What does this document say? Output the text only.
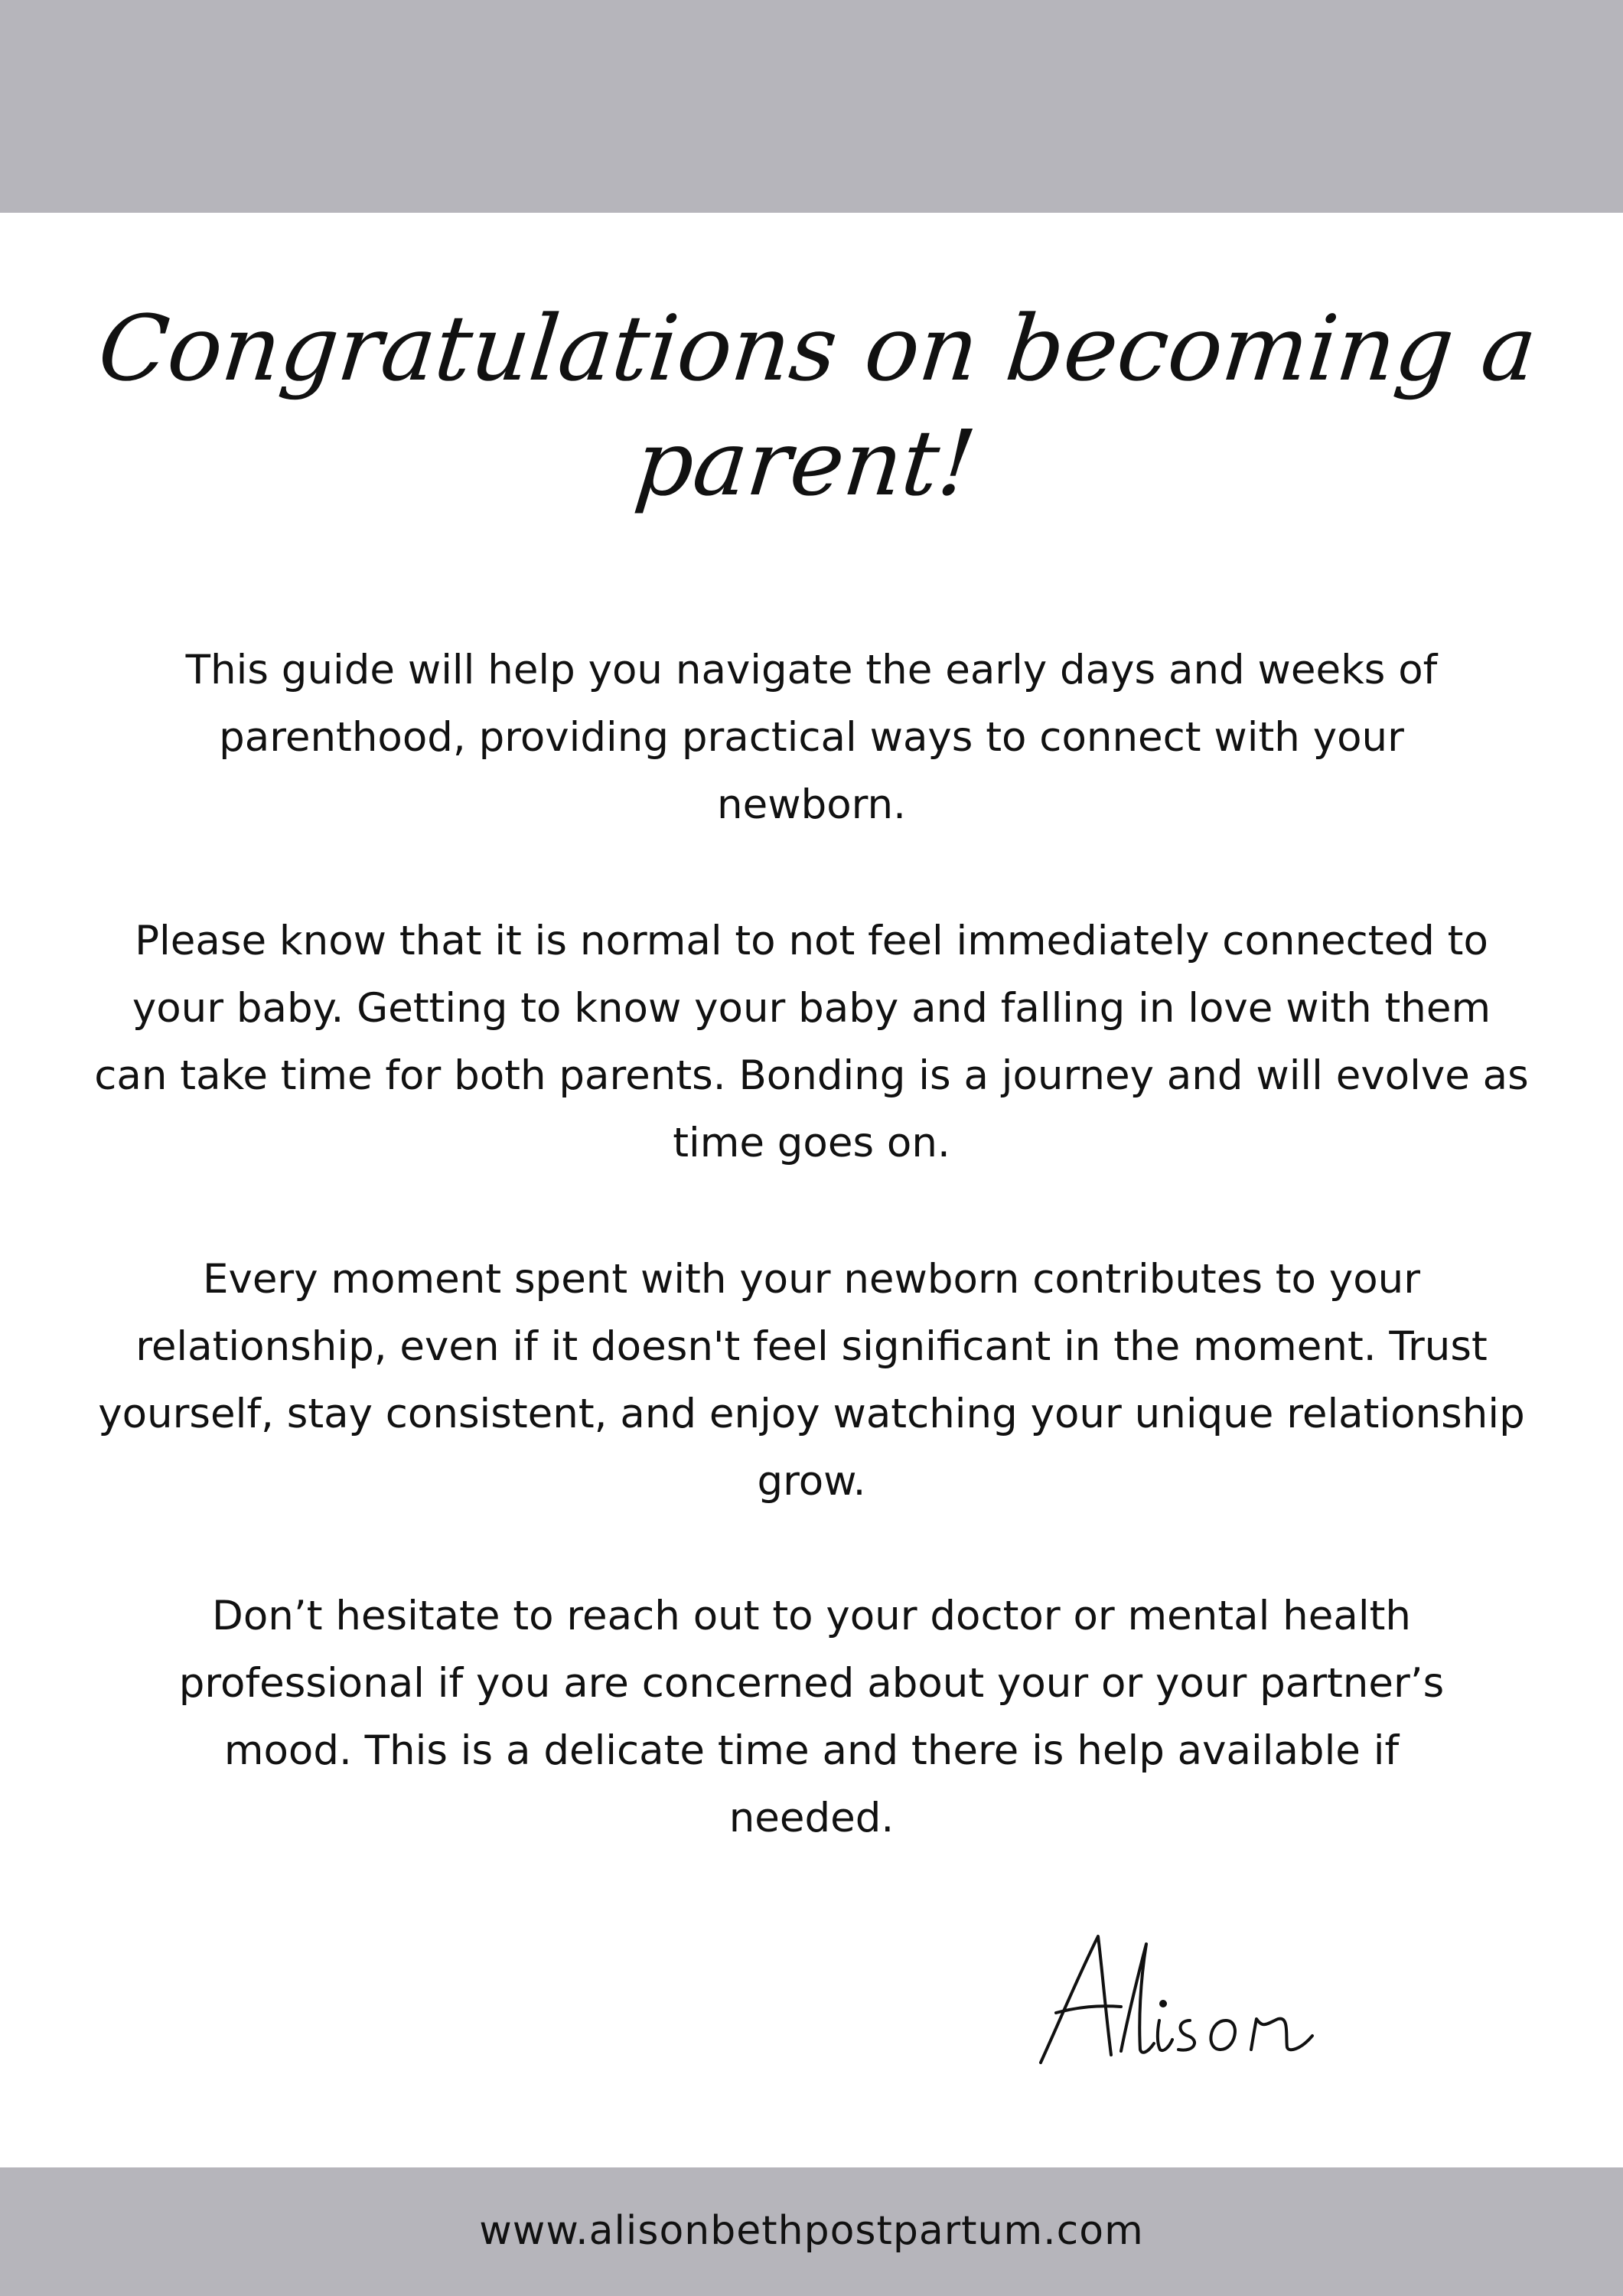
Congratulations on becoming a parent!

This guide will help you navigate the early days and weeks of parenthood, providing practical ways to connect with your newborn.

Please know that it is normal to not feel immediately connected to your baby. Getting to know your baby and falling in love with them can take time for both parents. Bonding is a journey and will evolve as time goes on.

Every moment spent with your newborn contributes to your relationship, even if it doesn't feel significant in the moment. Trust yourself, stay consistent, and enjoy watching your unique relationship grow.

Don’t hesitate to reach out to your doctor or mental health professional if you are concerned about your or your partner’s mood. This is a delicate time and there is help available if needed.

www.alisonbethpostpartum.com
